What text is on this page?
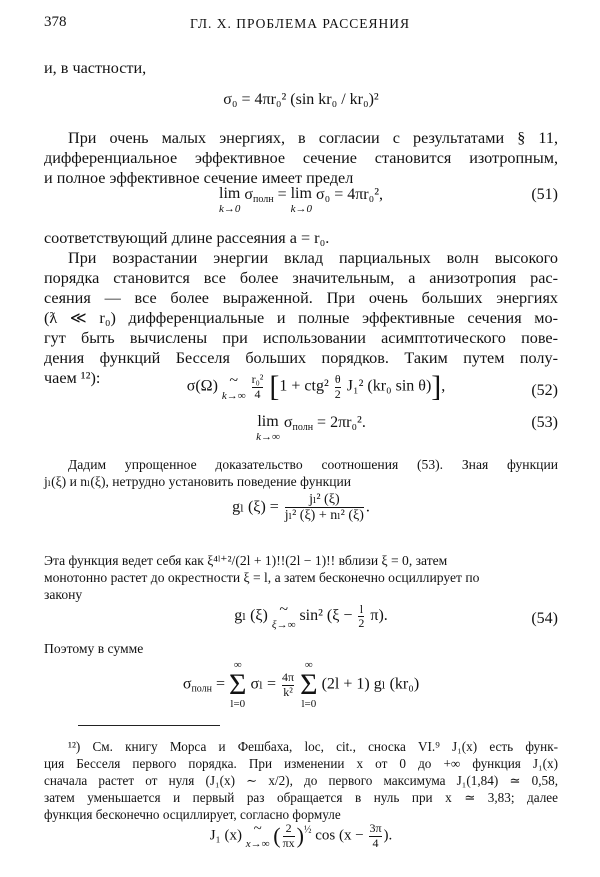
378	ГЛ. X. ПРОБЛЕМА РАССЕЯНИЯ
и, в частности,
σ₀ = 4πr₀² (sin kr₀ / kr₀)²
При очень малых энергиях, в согласии с результатами § 11,
дифференциальное эффективное сечение становится изотропным,
и полное эффективное сечение имеет предел
lim
k→0
$\sigma_{полн} = \lim$
k→0
σ₀ = 4πr₀²,	(51)
соответствующий длине рассеяния a = r₀.
При возрастании энергии вклад парциальных волн высокого
порядка становится все более значительным, а анизотропия рас-
сеяния — все более выраженной. При очень больших энергиях
(ƛ ≪ r₀) дифференциальные и полные эффективные сечения мо-
гут быть вычислены при использовании асимптотического пове-
дения функций Бесселя больших порядков. Таким путем полу-
чаем ¹²):	σ(Ω) ~
k→∞
$\frac{\text{r₀²}}{4} [1 + ctg^2 \frac{\theta}{2} J_1^2$ (kr₀ sin θ)],	(52)
lim
k→∞
$\sigma_{полн} = 2\pi r_0^2$.	(53)
Дадим упрощенное доказательство соотношения (53). Зная функции
jₗ(ξ) и nₗ(ξ), нетрудно установить поведение функции
gₗ $(\xi) = \frac{\text{jₗ² (ξ)}}{\text{jₗ² (ξ) + nₗ² (ξ)}}$ .
Эта функция ведет себя как ξ⁴ˡ⁺²/(2l + 1)!!(2l − 1)!! вблизи ξ = 0, затем
монотонно растет до окрестности ξ = l, а затем бесконечно осциллирует по
закону
gₗ (ξ) ~
ξ→∞
sin² $(\xi - \frac{l}{2} \pi)$.	(54)
Поэтому в сумме
$\sigma_{полн}$ =
∞
Σ
l=0
$\sigma_l = \frac{4\pi}{\text{k²}}$

∞
Σ
l=0
(2l + 1) gₗ (kr₀)
¹²) См. книгу Морса и Фешбаха, loc, cit., сноска VI.⁹ J₁(x) есть функ-
ция Бесселя первого порядка. При изменении x от 0 до +∞ функция J₁(x)
сначала растет от нуля (J₁(x) ∼ x/2), до первого максимума J₁(1,84) ≃ 0,58,
затем уменьшается и первый раз обращается в нуль при x ≃ 3,83; далее
функция бесконечно осциллирует, согласно формуле
J₁ (x) ~
x→∞ ( $\frac{2}{\pi x} )^{\frac{1}{2}}$ $\cos (x - \frac{3\pi}{4}$ ).
